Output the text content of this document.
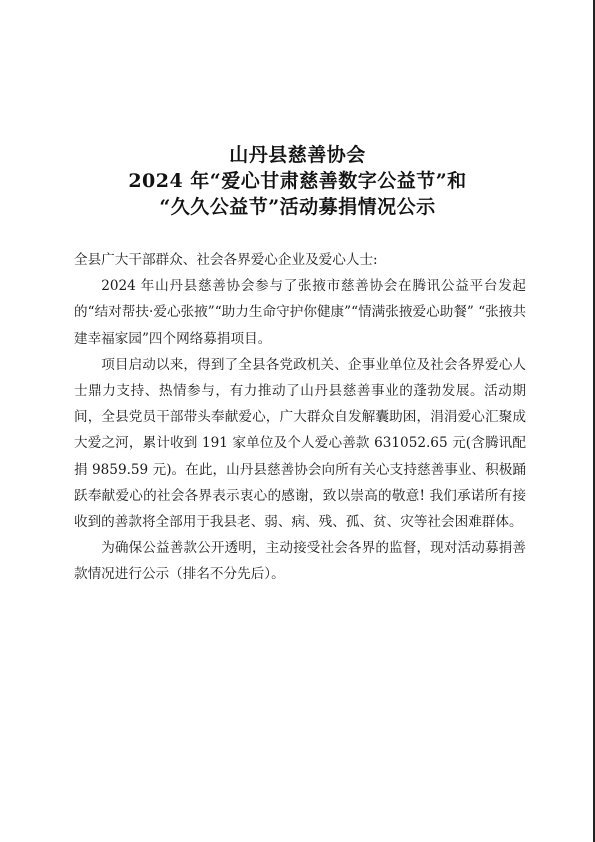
山丹县慈善协会
2024 年“爱心甘肃慈善数字公益节”和
“久久公益节”活动募捐情况公示
全县广大干部群众、社会各界爱心企业及爱心人士:

2024 年山丹县慈善协会参与了张掖市慈善协会在腾讯公益平台发起的“结对帮扶·爱心张掖”“助力生命守护你健康”“情满张掖爱心助餐” “张掖共建幸福家园”四个网络募捐项目。

项目启动以来，得到了全县各党政机关、企事业单位及社会各界爱心人士鼎力支持、热情参与，有力推动了山丹县慈善事业的蓬勃发展。活动期间，全县党员干部带头奉献爱心，广大群众自发解囊助困，涓涓爱心汇聚成大爱之河，累计收到 191 家单位及个人爱心善款 631052.65 元(含腾讯配捐 9859.59 元)。在此，山丹县慈善协会向所有关心支持慈善事业、积极踊跃奉献爱心的社会各界表示衷心的感谢，致以崇高的敬意! 我们承诺所有接收到的善款将全部用于我县老、弱、病、残、孤、贫、灾等社会困难群体。

为确保公益善款公开透明，主动接受社会各界的监督，现对活动募捐善款情况进行公示（排名不分先后）。
